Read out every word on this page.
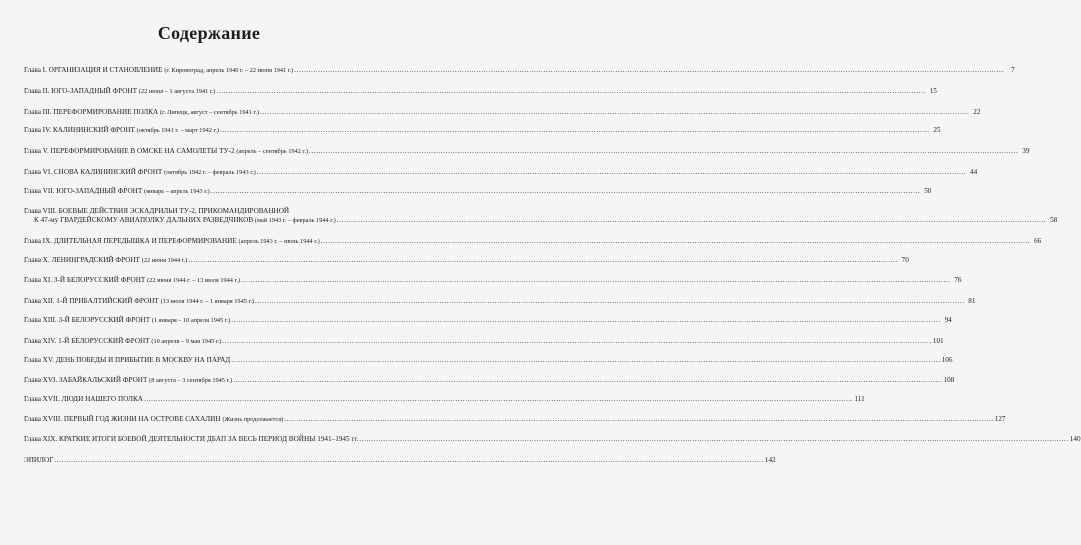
Содержание
Глава I. ОРГАНИЗАЦИЯ И СТАНОВЛЕНИЕ (г. Кировоград, апрель 1940 г. – 22 июня 1941 г.) .....	7
Глава II. ЮГО-ЗАПАДНЫЙ ФРОНТ (22 июня – 1 августа 1941 г.) .....	15
Глава III. ПЕРЕФОРМИРОВАНИЕ ПОЛКА (г. Липецк, август – сентябрь 1941 г.) .....	22
Глава IV. КАЛИНИНСКИЙ ФРОНТ (октябрь 1941 г. – март 1942 г.) .....	25
Глава V. ПЕРЕФОРМИРОВАНИЕ В ОМСКЕ НА САМОЛЕТЫ ТУ-2 (апрель – сентябрь 1942 г.) .....	39
Глава VI. СНОВА КАЛИНИНСКИЙ ФРОНТ (октябрь 1942 г. – февраль 1943 г.) .....	44
Глава VII. ЮГО-ЗАПАДНЫЙ ФРОНТ (январь – апрель 1943 г.) .....	50
Глава VIII. БОЕВЫЕ ДЕЙСТВИЯ ЭСКАДРИЛЬИ ТУ-2, ПРИКОМАНДИРОВАННОЙ
К 47-му ГВАРДЕЙСКОМУ АВИАПОЛКУ ДАЛЬНИХ РАЗВЕДЧИКОВ (май 1943 г. – февраль 1944 г.) .....	58
Глава IX. ДЛИТЕЛЬНАЯ ПЕРЕДЫШКА И ПЕРЕФОРМИРОВАНИЕ (апрель 1943 г. – июнь 1944 г.) .....	66
Глава X. ЛЕНИНГРАДСКИЙ ФРОНТ (22 июня 1944 г.) .....	70
Глава XI. 3-Й БЕЛОРУССКИЙ ФРОНТ (22 июня 1944 г. – 13 июля 1944 г.) .....	76
Глава XII. 1-Й ПРИБАЛТИЙСКИЙ ФРОНТ (13 июля 1944 г. – 1 января 1945 г.) .....	81
Глава XIII. 3-Й БЕЛОРУССКИЙ ФРОНТ (1 января – 10 апреля 1945 г.) .....	94
Глава XIV. 1-Й БЕЛОРУССКИЙ ФРОНТ (10 апреля – 9 мая 1945 г.) .....	101
Глава XV. ДЕНЬ ПОБЕДЫ И ПРИБЫТИЕ В МОСКВУ НА ПАРАД .....	106
Глава XVI. ЗАБАЙКАЛЬСКИЙ ФРОНТ (8 августа – 3 сентября 1945 г.) .....	108
Глава XVII. ЛЮДИ НАШЕГО ПОЛКА .....	111
Глава XVIII. ПЕРВЫЙ ГОД ЖИЗНИ НА ОСТРОВЕ САХАЛИН (Жизнь продолжается) .....	127
Глава XIX. КРАТКИЕ ИТОГИ БОЕВОЙ ДЕЯТЕЛЬНОСТИ ДБАП ЗА ВЕСЬ ПЕРИОД ВОЙНЫ 1941–1945 гг. .....	140
ЭПИЛОГ .....	142
